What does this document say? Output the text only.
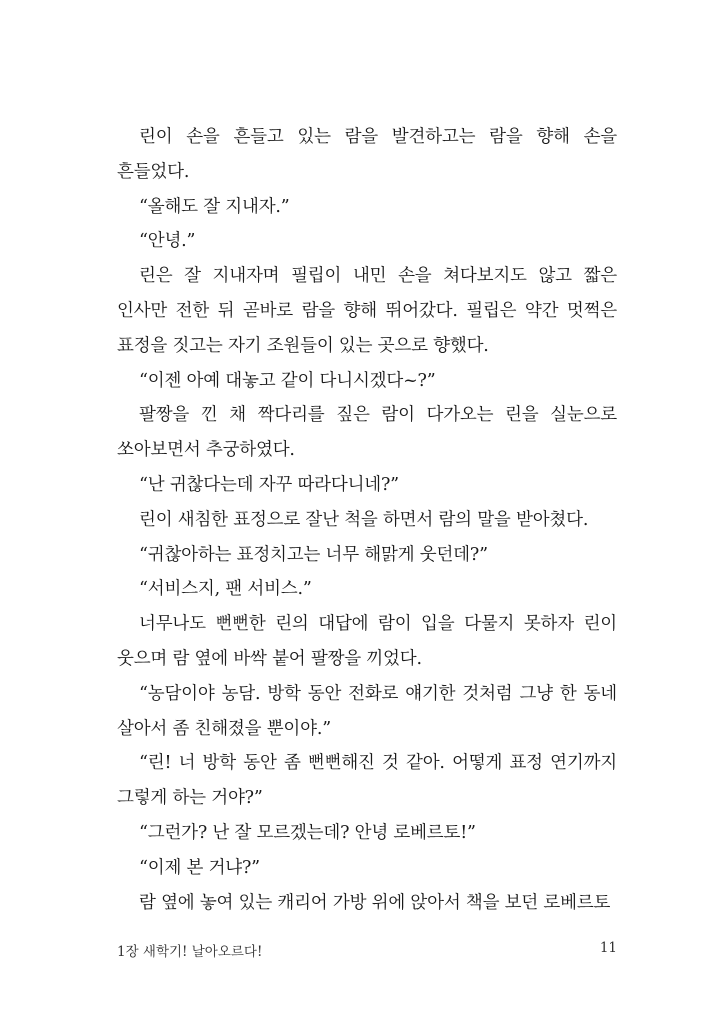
린이 손을 흔들고 있는 람을 발견하고는 람을 향해 손을 흔들었다.

“올해도 잘 지내자.”

“안녕.”

린은 잘 지내자며 필립이 내민 손을 쳐다보지도 않고 짧은 인사만 전한 뒤 곧바로 람을 향해 뛰어갔다. 필립은 약간 멋쩍은 표정을 짓고는 자기 조원들이 있는 곳으로 향했다.

“이젠 아예 대놓고 같이 다니시겠다~?”

팔짱을 낀 채 짝다리를 짚은 람이 다가오는 린을 실눈으로 쏘아보면서 추궁하였다.

“난 귀찮다는데 자꾸 따라다니네?”

린이 새침한 표정으로 잘난 척을 하면서 람의 말을 받아쳤다.

“귀찮아하는 표정치고는 너무 해맑게 웃던데?”

“서비스지, 팬 서비스.”

너무나도 뻔뻔한 린의 대답에 람이 입을 다물지 못하자 린이 웃으며 람 옆에 바싹 붙어 팔짱을 끼었다.

“농담이야 농담. 방학 동안 전화로 얘기한 것처럼 그냥 한 동네 살아서 좀 친해졌을 뿐이야.”

“린! 너 방학 동안 좀 뻔뻔해진 것 같아. 어떻게 표정 연기까지 그렇게 하는 거야?”

“그런가? 난 잘 모르겠는데? 안녕 로베르토!”

“이제 본 거냐?”

람 옆에 놓여 있는 캐리어 가방 위에 앉아서 책을 보던 로베르토

1장 새학기! 날아오르다!	11
